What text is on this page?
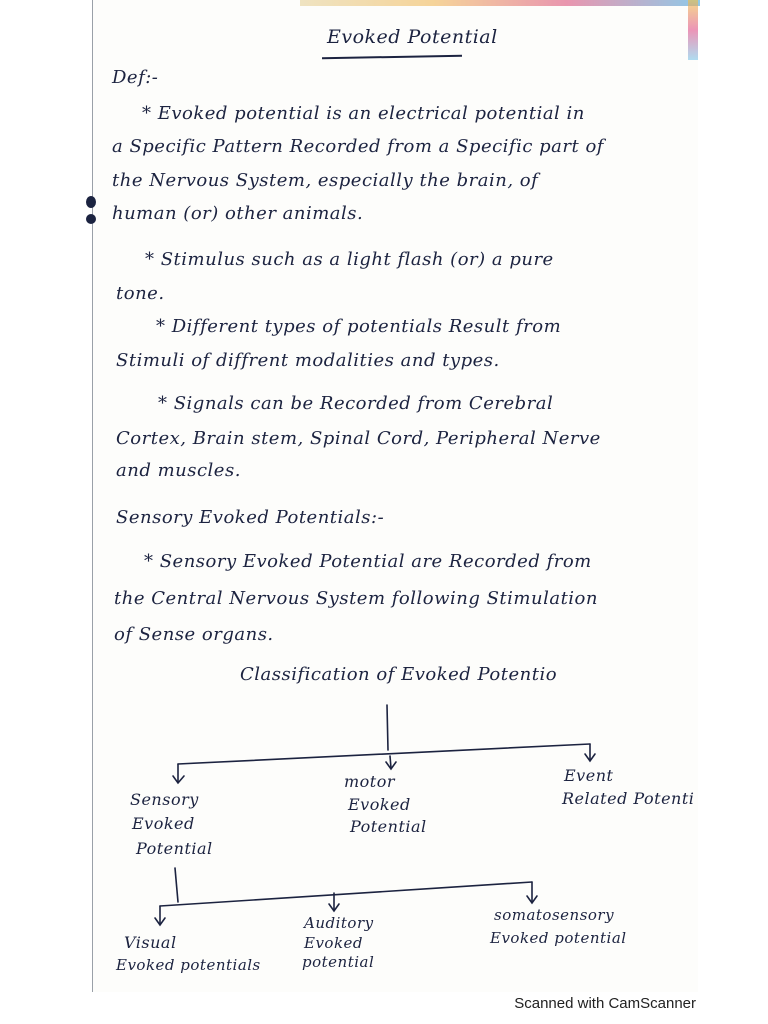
Evoked Potential
Def:-
* Evoked potential is an electrical potential in
a Specific Pattern Recorded from a Specific part of
the Nervous System, especially the brain, of
human (or) other animals.
* Stimulus such as a light flash (or) a pure
tone.
* Different types of potentials Result from
Stimuli of diffrent modalities and types.
* Signals can be Recorded from Cerebral
Cortex, Brain stem, Spinal Cord, Peripheral Nerve
and muscles.
Sensory Evoked Potentials:-
* Sensory Evoked Potential are Recorded from
the Central Nervous System following Stimulation
of Sense organs.
Classification of Evoked Potentio
Sensory
Evoked
Potential
motor
Evoked
Potential
Event
Related Potenti
Visual
Evoked potentials
Auditory
Evoked
potential
somatosensory
Evoked potential
Scanned with CamScanner
